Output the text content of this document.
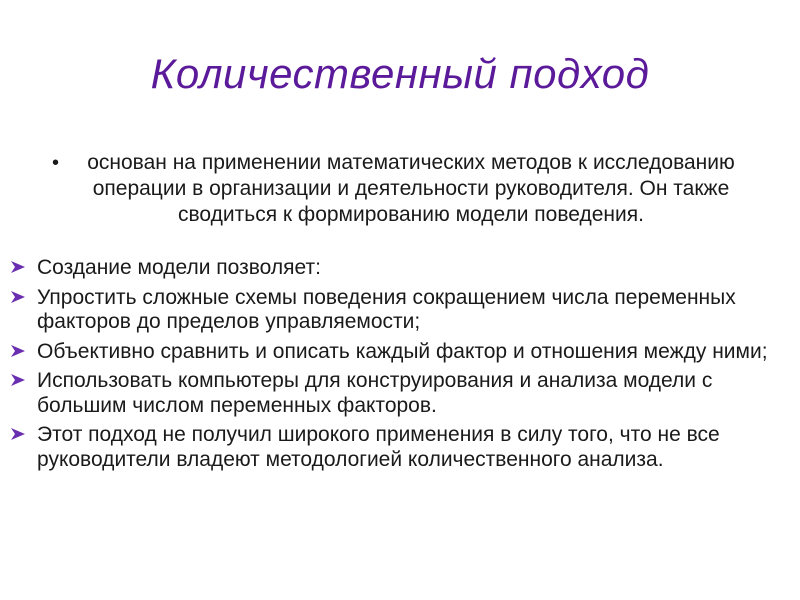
Количественный подход
•	основан на применении математических методов к исследованию операции в организации и деятельности руководителя. Он также сводиться к формированию модели поведения.
Создание модели позволяет:
Упростить сложные схемы поведения сокращением числа переменных факторов до пределов управляемости;
Объективно сравнить и описать каждый фактор и отношения между ними;
Использовать компьютеры для конструирования и анализа модели с большим числом переменных факторов.
Этот подход не получил широкого применения в силу того, что не все руководители владеют методологией количественного анализа.
